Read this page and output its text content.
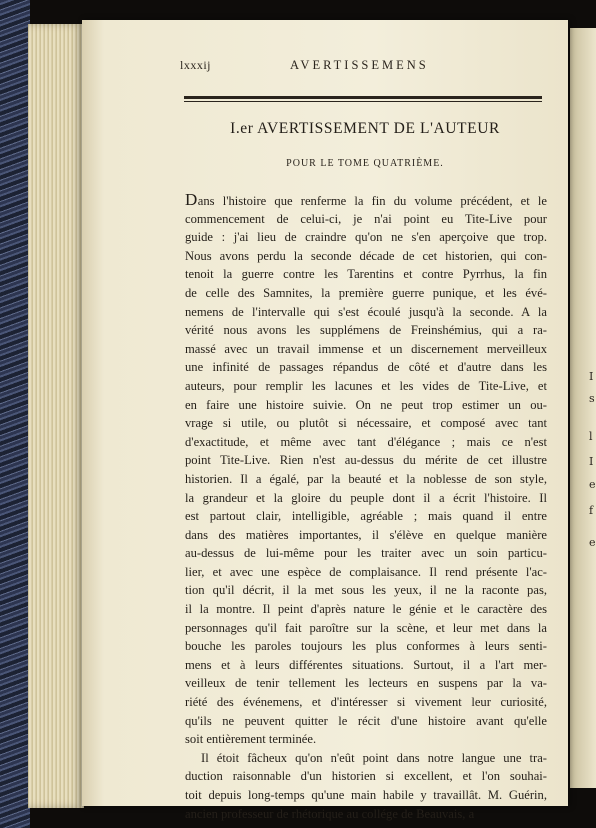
I
s
l
I
e
f
e
lxxxij	AVERTISSEMENS
I.er AVERTISSEMENT DE L'AUTEUR
POUR LE TOME QUATRIÈME.
Dans l'histoire que renferme la fin du volume précédent, et le
commencement de celui-ci, je n'ai point eu Tite-Live pour
guide : j'ai lieu de craindre qu'on ne s'en aperçoive que trop.
Nous avons perdu la seconde décade de cet historien, qui con-
tenoit la guerre contre les Tarentins et contre Pyrrhus, la fin
de celle des Samnites, la première guerre punique, et les évé-
nemens de l'intervalle qui s'est écoulé jusqu'à la seconde. A la
vérité nous avons les supplémens de Freinshémius, qui a ra-
massé avec un travail immense et un discernement merveilleux
une infinité de passages répandus de côté et d'autre dans les
auteurs, pour remplir les lacunes et les vides de Tite-Live, et
en faire une histoire suivie. On ne peut trop estimer un ou-
vrage si utile, ou plutôt si nécessaire, et composé avec tant
d'exactitude, et même avec tant d'élégance ; mais ce n'est
point Tite-Live. Rien n'est au-dessus du mérite de cet illustre
historien. Il a égalé, par la beauté et la noblesse de son style,
la grandeur et la gloire du peuple dont il a écrit l'histoire. Il
est partout clair, intelligible, agréable ; mais quand il entre
dans des matières importantes, il s'élève en quelque manière
au-dessus de lui-même pour les traiter avec un soin particu-
lier, et avec une espèce de complaisance. Il rend présente l'ac-
tion qu'il décrit, il la met sous les yeux, il ne la raconte pas,
il la montre. Il peint d'après nature le génie et le caractère des
personnages qu'il fait paroître sur la scène, et leur met dans la
bouche les paroles toujours les plus conformes à leurs senti-
mens et à leurs différentes situations. Surtout, il a l'art mer-
veilleux de tenir tellement les lecteurs en suspens par la va-
riété des événemens, et d'intéresser si vivement leur curiosité,
qu'ils ne peuvent quitter le récit d'une histoire avant qu'elle
soit entièrement terminée.
Il étoit fâcheux qu'on n'eût point dans notre langue une tra-
duction raisonnable d'un historien si excellent, et l'on souhai-
toit depuis long-temps qu'une main habile y travaillât. M. Guérin,
ancien professeur de rhétorique au collége de Beauvais, a
